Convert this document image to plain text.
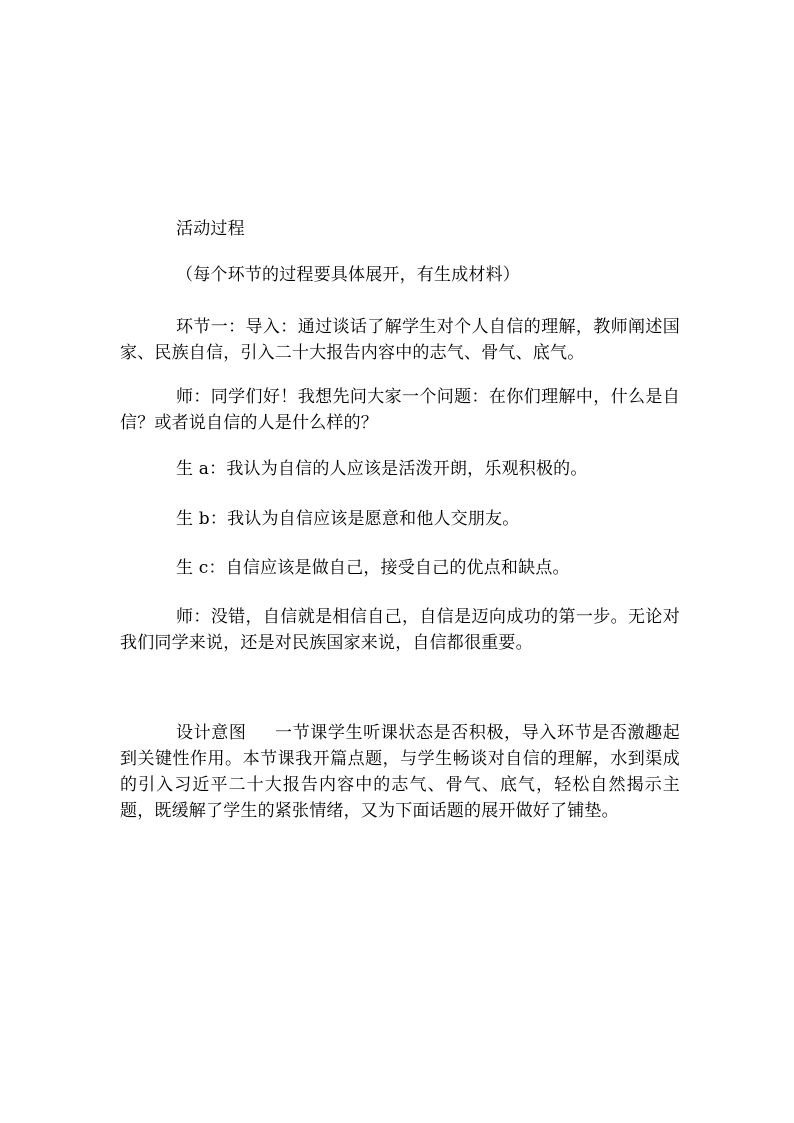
活动过程

（每个环节的过程要具体展开，有生成材料）

环节一：导入：通过谈话了解学生对个人自信的理解，教师阐述国家、民族自信，引入二十大报告内容中的志气、骨气、底气。

师：同学们好！我想先问大家一个问题：在你们理解中，什么是自信？或者说自信的人是什么样的？

生 a：我认为自信的人应该是活泼开朗，乐观积极的。

生 b：我认为自信应该是愿意和他人交朋友。

生 c：自信应该是做自己，接受自己的优点和缺点。

师：没错，自信就是相信自己，自信是迈向成功的第一步。无论对我们同学来说，还是对民族国家来说，自信都很重要。

设计意图 一节课学生听课状态是否积极，导入环节是否激趣起到关键性作用。本节课我开篇点题，与学生畅谈对自信的理解，水到渠成的引入习近平二十大报告内容中的志气、骨气、底气，轻松自然揭示主题，既缓解了学生的紧张情绪，又为下面话题的展开做好了铺垫。
